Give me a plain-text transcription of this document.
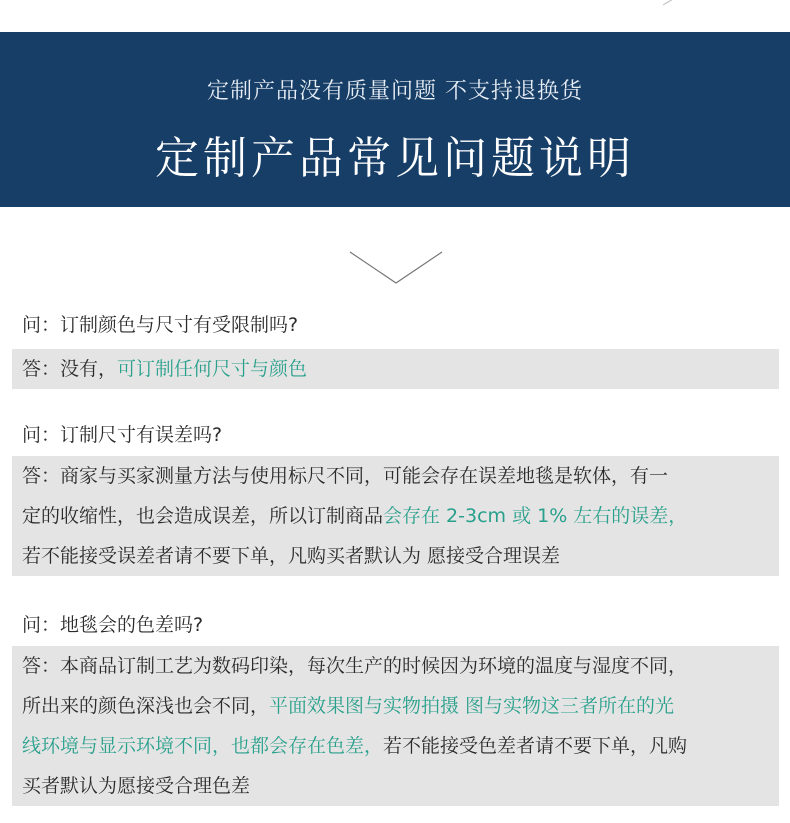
定制产品没有质量问题 不支持退换货
定制产品常见问题说明
问：订制颜色与尺寸有受限制吗?
答：没有，可订制任何尺寸与颜色
问：订制尺寸有误差吗?
答：商家与买家测量方法与使用标尺不同，可能会存在误差地毯是软体，有一
定的收缩性，也会造成误差，所以订制商品会存在 2-3cm 或 1% 左右的误差，
若不能接受误差者请不要下单，凡购买者默认为 愿接受合理误差
问：地毯会的色差吗?
答：本商品订制工艺为数码印染，每次生产的时候因为环境的温度与湿度不同，
所出来的颜色深浅也会不同，平面效果图与实物拍摄 图与实物这三者所在的光
线环境与显示环境不同，也都会存在色差，若不能接受色差者请不要下单，凡购
买者默认为愿接受合理色差
